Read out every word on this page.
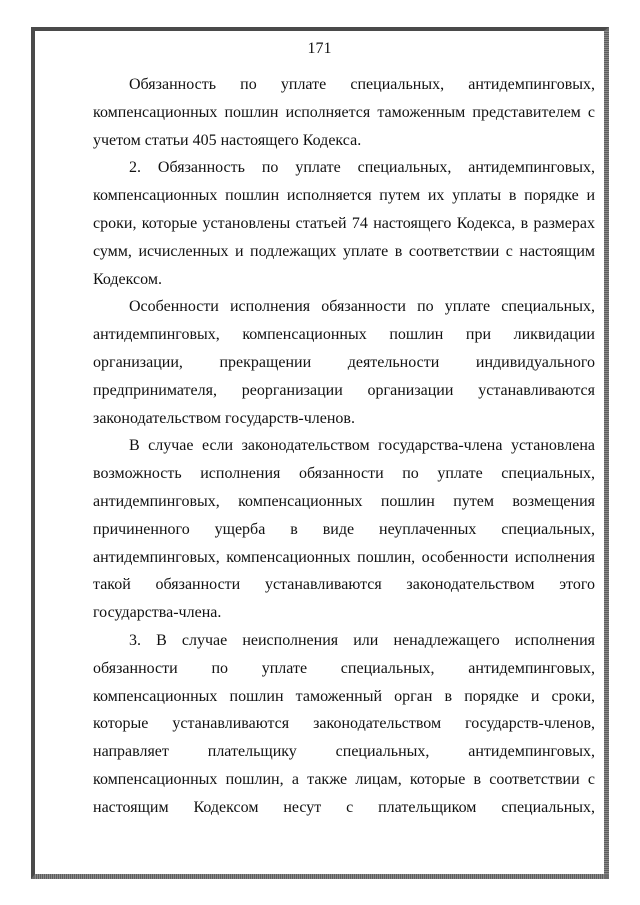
171

Обязанность по уплате специальных, антидемпинговых, компенсационных пошлин исполняется таможенным представителем с учетом статьи 405 настоящего Кодекса.

2. Обязанность по уплате специальных, антидемпинговых, компенсационных пошлин исполняется путем их уплаты в порядке и сроки, которые установлены статьей 74 настоящего Кодекса, в размерах сумм, исчисленных и подлежащих уплате в соответствии с настоящим Кодексом.

Особенности исполнения обязанности по уплате специальных, антидемпинговых, компенсационных пошлин при ликвидации организации, прекращении деятельности индивидуального предпринимателя, реорганизации организации устанавливаются законодательством государств-членов.

В случае если законодательством государства-члена установлена возможность исполнения обязанности по уплате специальных, антидемпинговых, компенсационных пошлин путем возмещения причиненного ущерба в виде неуплаченных специальных, антидемпинговых, компенсационных пошлин, особенности исполнения такой обязанности устанавливаются законодательством этого государства-члена.

3. В случае неисполнения или ненадлежащего исполнения обязанности по уплате специальных, антидемпинговых, компенсационных пошлин таможенный орган в порядке и сроки, которые устанавливаются законодательством государств-членов, направляет плательщику специальных, антидемпинговых, компенсационных пошлин, а также лицам, которые в соответствии с настоящим Кодексом несут с плательщиком специальных,
